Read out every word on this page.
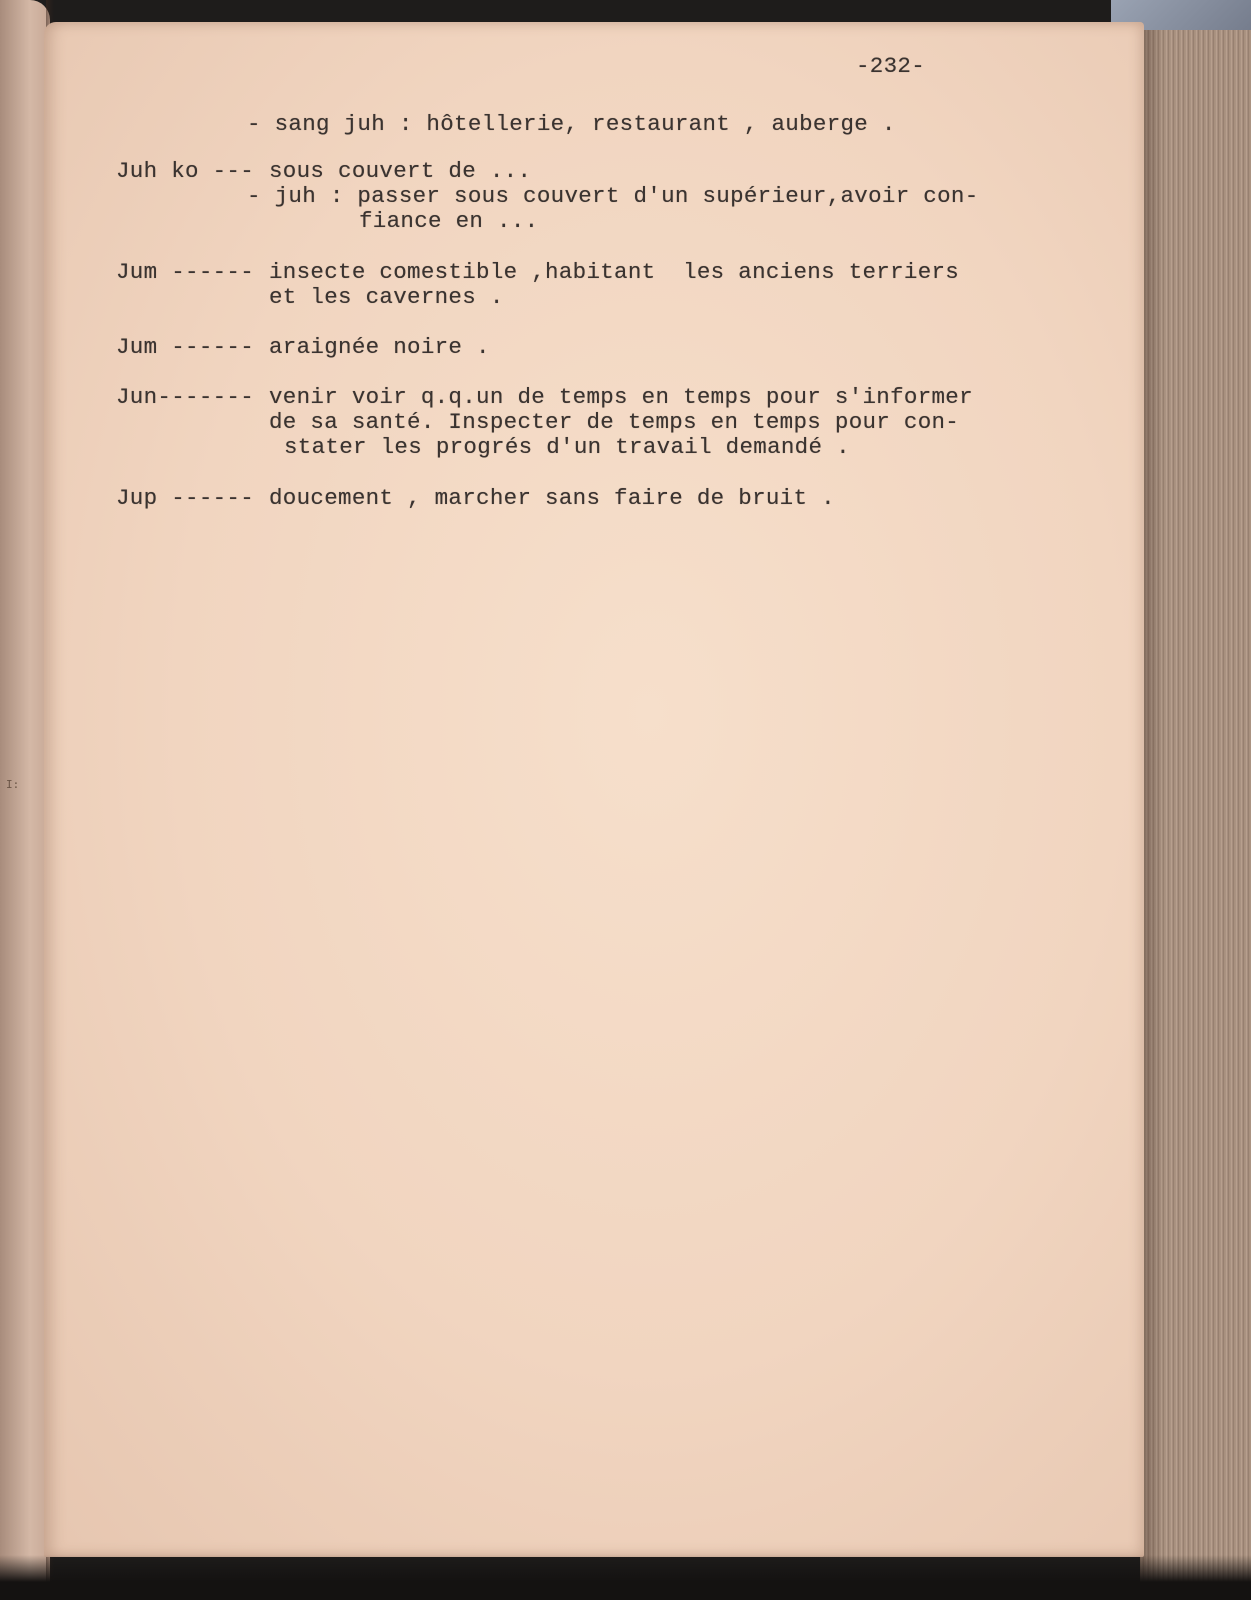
I:
-232-
- sang juh : hôtellerie, restaurant , auberge .
Juh ko --- sous couvert de ...
- juh : passer sous couvert d'un supérieur,avoir con-
fiance en ...
Jum ------ insecte comestible ,habitant  les anciens terriers
et les cavernes .
Jum ------ araignée noire .
Jun------- venir voir q.q.un de temps en temps pour s'informer
de sa santé. Inspecter de temps en temps pour con-
stater les progrés d'un travail demandé .
Jup ------ doucement , marcher sans faire de bruit .
